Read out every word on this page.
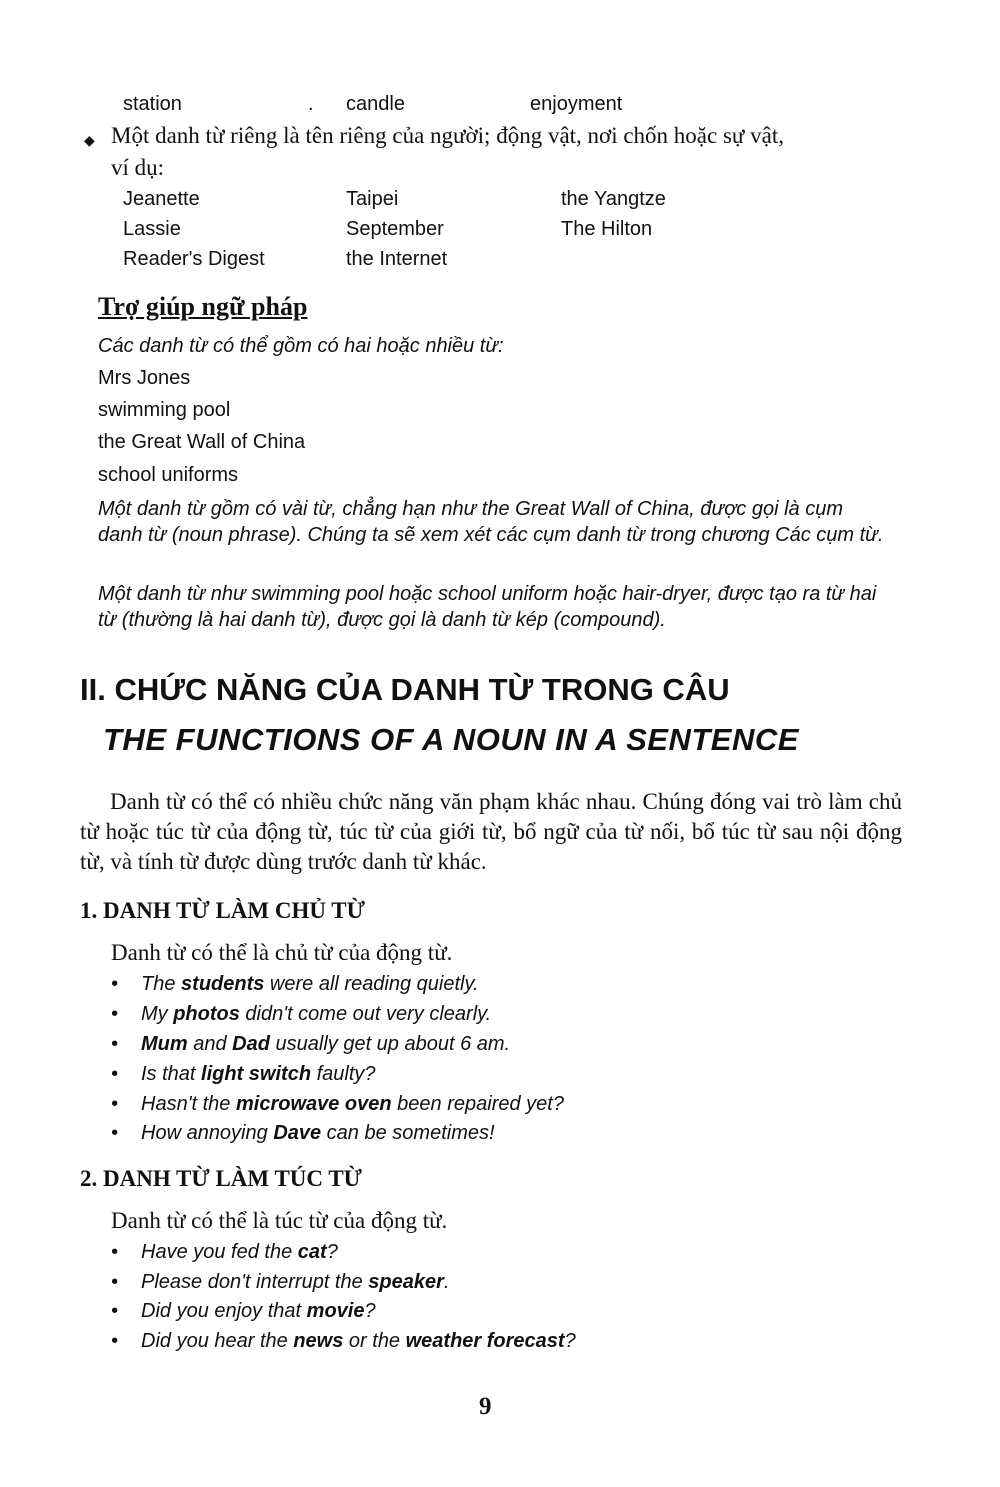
station	. candle	enjoyment
◆ Một danh từ riêng là tên riêng của người; động vật, nơi chốn hoặc sự vật,
ví dụ:
Jeanette	Taipei	the Yangtze
Lassie	September	The Hilton
Reader's Digest	the Internet
Trợ giúp ngữ pháp
Các danh từ có thể gồm có hai hoặc nhiều từ:
Mrs Jones
swimming pool
the Great Wall of China
school uniforms
Một danh từ gồm có vài từ, chẳng hạn như the Great Wall of China, được gọi là cụm danh từ (noun phrase). Chúng ta sẽ xem xét các cụm danh từ trong chương Các cụm từ.
Một danh từ như swimming pool hoặc school uniform hoặc hair-dryer, được tạo ra từ hai từ (thường là hai danh từ), được gọi là danh từ kép (compound).
II. CHỨC NĂNG CỦA DANH TỪ TRONG CÂU
THE FUNCTIONS OF A NOUN IN A SENTENCE
Danh từ có thể có nhiều chức năng văn phạm khác nhau. Chúng đóng vai trò làm chủ từ hoặc túc từ của động từ, túc từ của giới từ, bổ ngữ của từ nối, bổ túc từ sau nội động từ, và tính từ được dùng trước danh từ khác.
1. DANH TỪ LÀM CHỦ TỪ
Danh từ có thể là chủ từ của động từ.
• The students were all reading quietly.
• My photos didn't come out very clearly.
• Mum and Dad usually get up about 6 am.
• Is that light switch faulty?
• Hasn't the microwave oven been repaired yet?
• How annoying Dave can be sometimes!
2. DANH TỪ LÀM TÚC TỪ
Danh từ có thể là túc từ của động từ.
• Have you fed the cat?
• Please don't interrupt the speaker.
• Did you enjoy that movie?
• Did you hear the news or the weather forecast?
9
